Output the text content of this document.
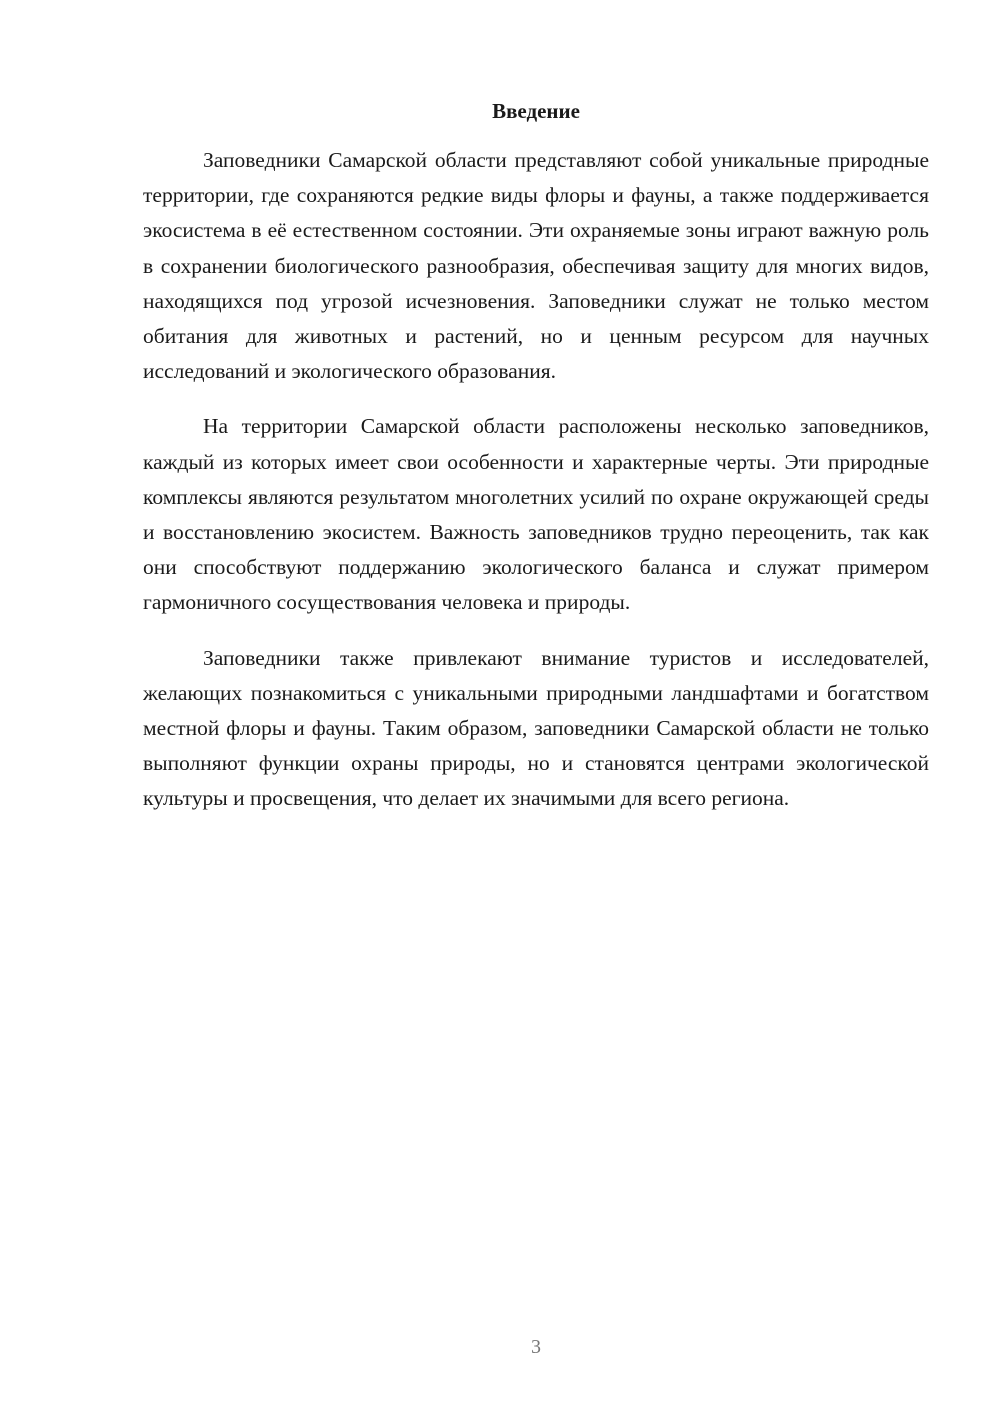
Введение

Заповедники Самарской области представляют собой уникальные природные территории, где сохраняются редкие виды флоры и фауны, а также поддерживается экосистема в её естественном состоянии. Эти охраняемые зоны играют важную роль в сохранении биологического разнообразия, обеспечивая защиту для многих видов, находящихся под угрозой исчезновения. Заповедники служат не только местом обитания для животных и растений, но и ценным ресурсом для научных исследований и экологического образования.

На территории Самарской области расположены несколько заповедников, каждый из которых имеет свои особенности и характерные черты. Эти природные комплексы являются результатом многолетних усилий по охране окружающей среды и восстановлению экосистем. Важность заповедников трудно переоценить, так как они способствуют поддержанию экологического баланса и служат примером гармоничного сосуществования человека и природы.

Заповедники также привлекают внимание туристов и исследователей, желающих познакомиться с уникальными природными ландшафтами и богатством местной флоры и фауны. Таким образом, заповедники Самарской области не только выполняют функции охраны природы, но и становятся центрами экологической культуры и просвещения, что делает их значимыми для всего региона.

3
